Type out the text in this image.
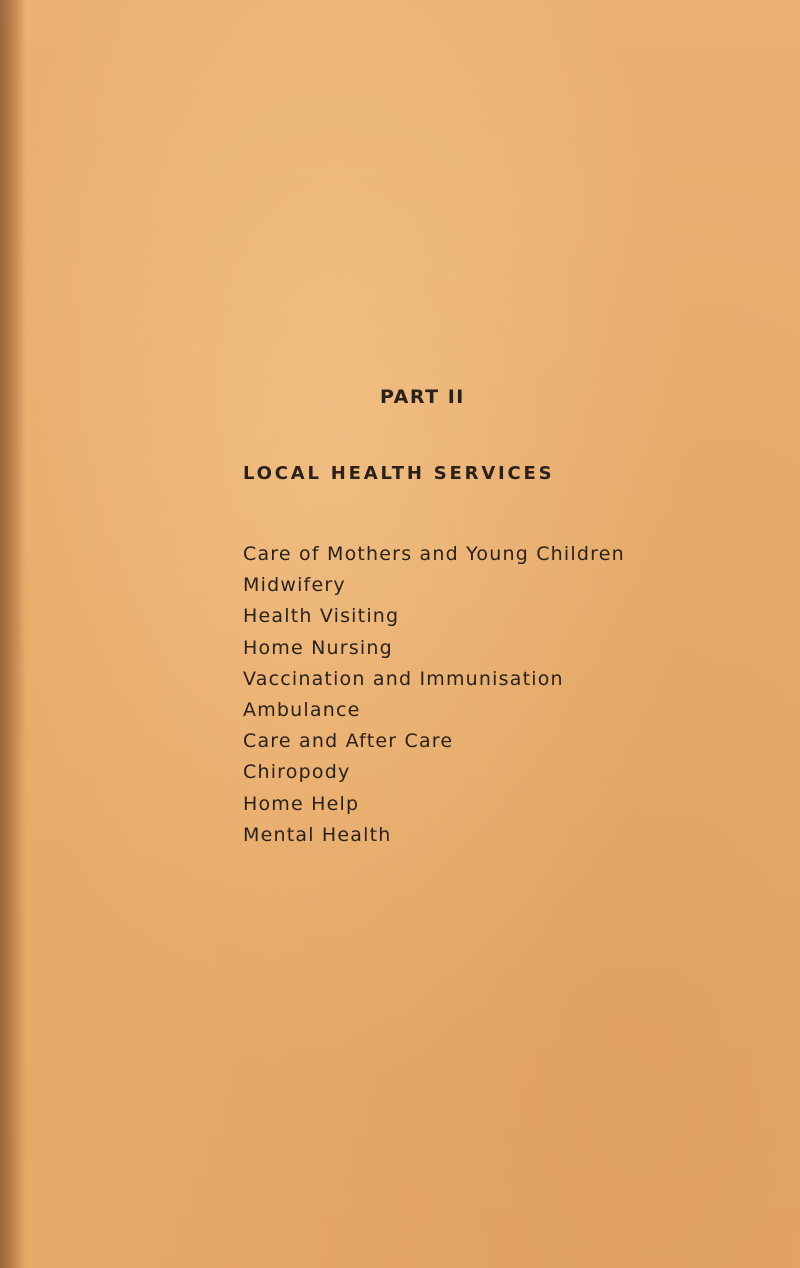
PART II
LOCAL HEALTH SERVICES
Care of Mothers and Young Children
Midwifery
Health Visiting
Home Nursing
Vaccination and Immunisation
Ambulance
Care and After Care
Chiropody
Home Help
Mental Health
